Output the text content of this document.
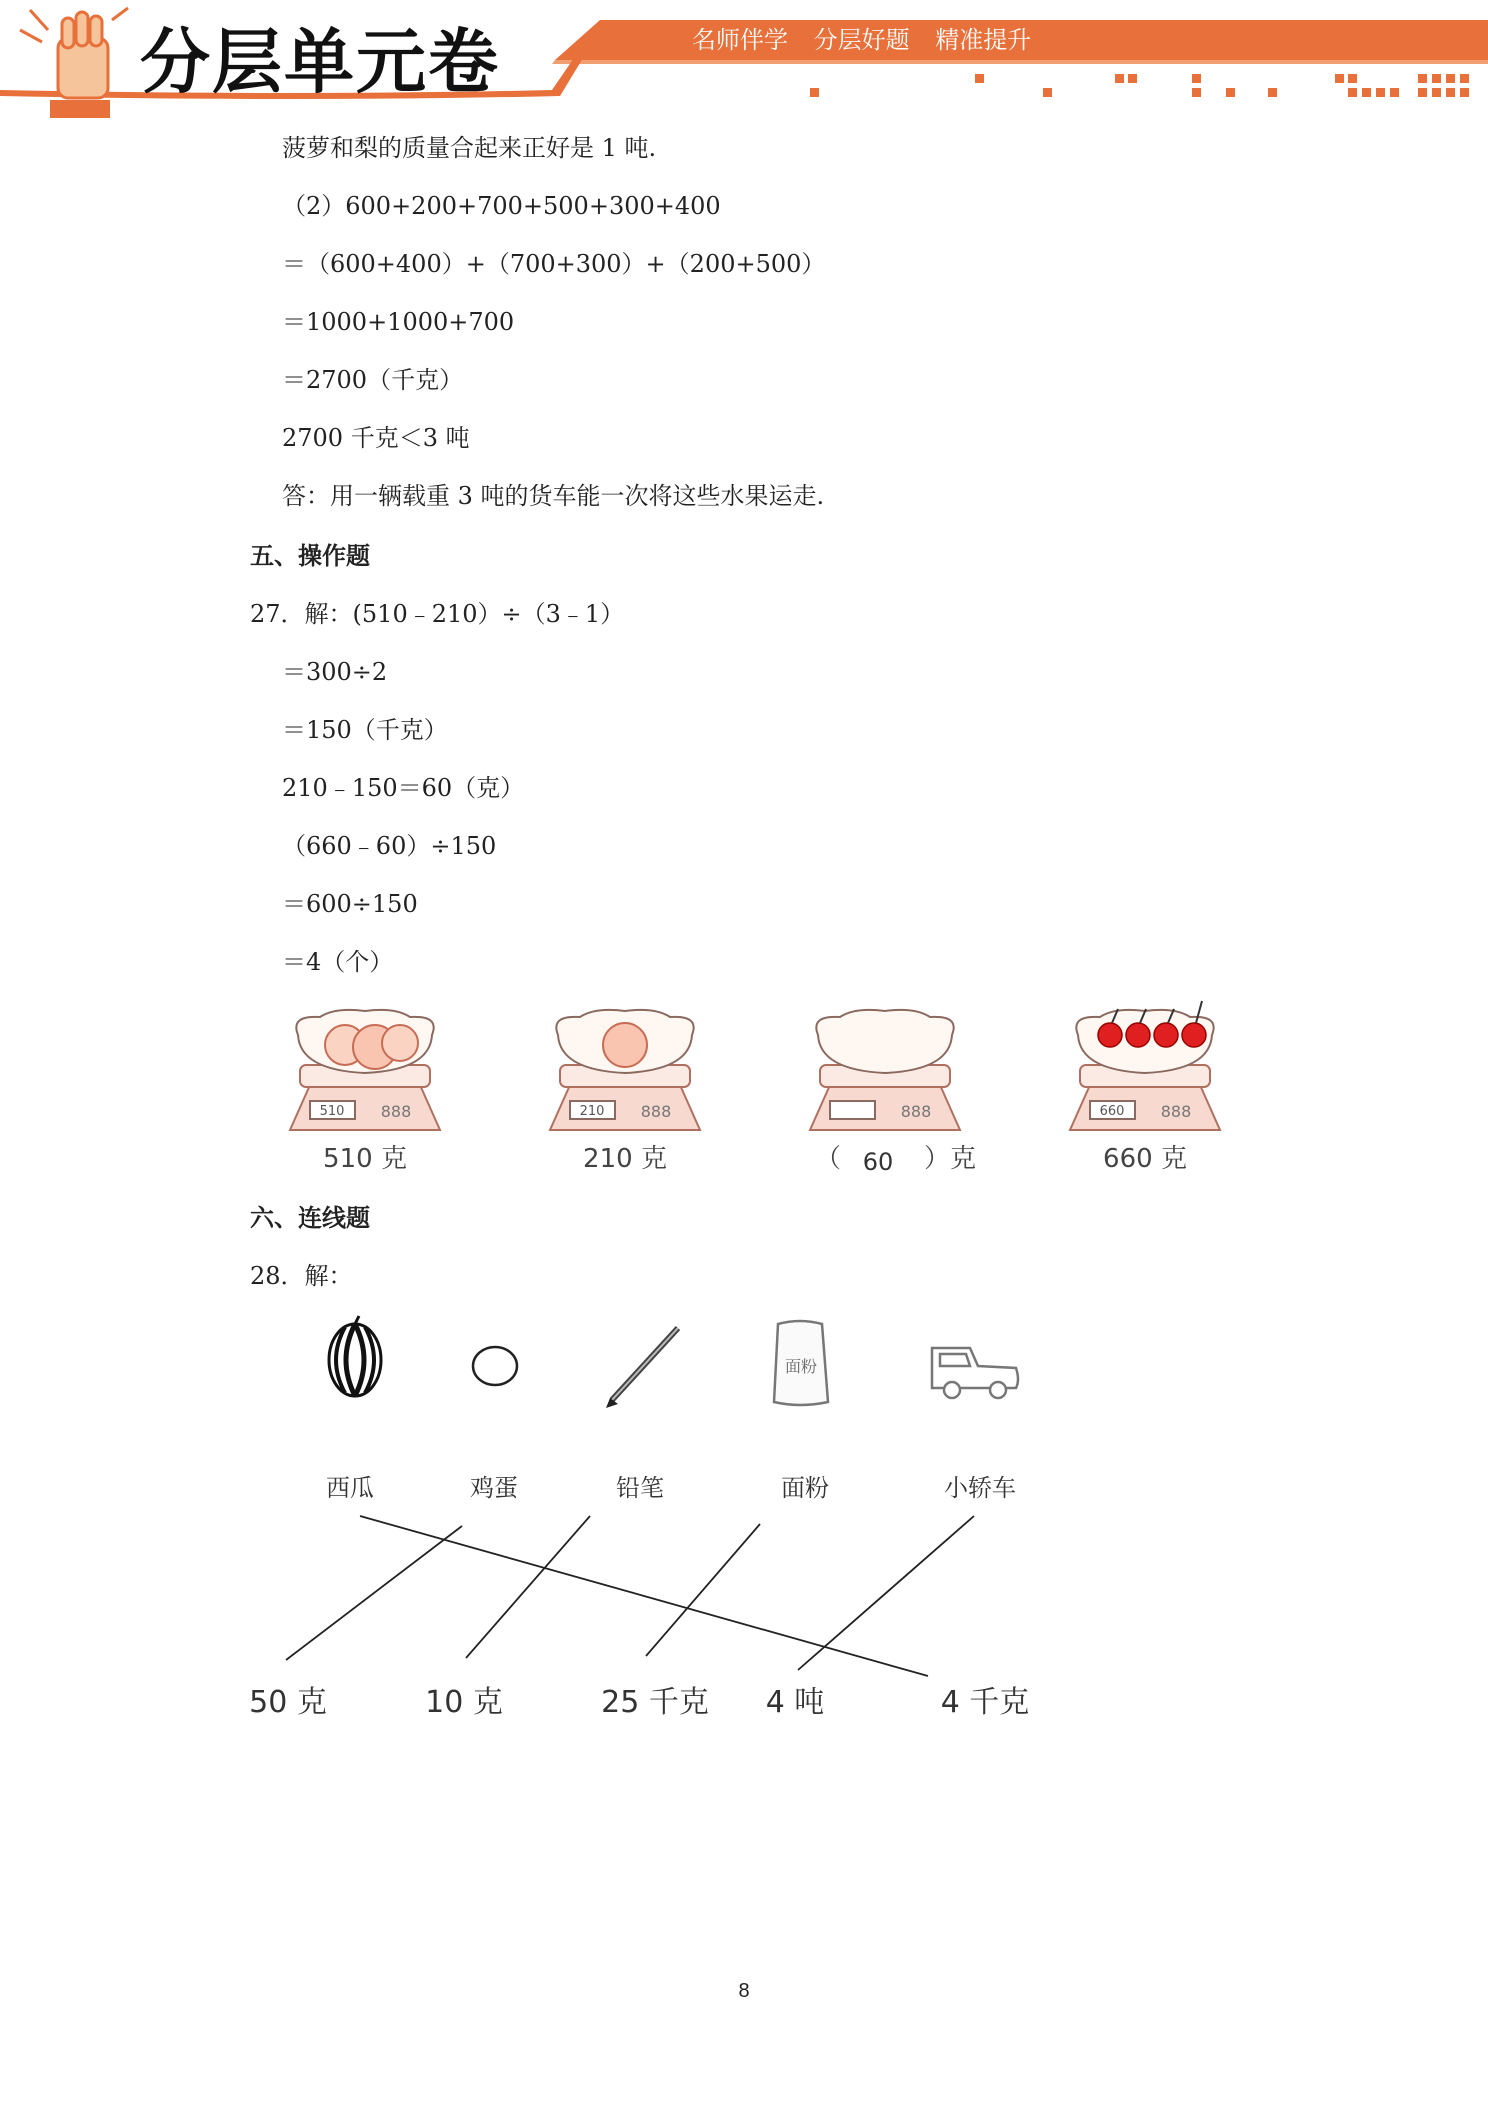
分层单元卷	名师伴学 分层好题 精准提升
菠萝和梨的质量合起来正好是 1 吨.
（2）600+200+700+500+300+400
＝（600+400）+（700+300）+（200+500）
＝1000+1000+700
＝2700（千克）
2700 千克＜3 吨
答：用一辆载重 3 吨的货车能一次将这些水果运走.
五、操作题
27．解：(510﹣210）÷（3﹣1）
＝300÷2
＝150（千克）
210﹣150＝60（克）
（660﹣60）÷150
＝600÷150
＝4（个）
510 888
510 克
210 888
210 克
888
（ 60 ）克
660 888
660 克
六、连线题
28．解：
面粉
西瓜	鸡蛋	铅笔	面粉	小轿车
50 克	10 克	25 千克 4 吨	4 千克
8
